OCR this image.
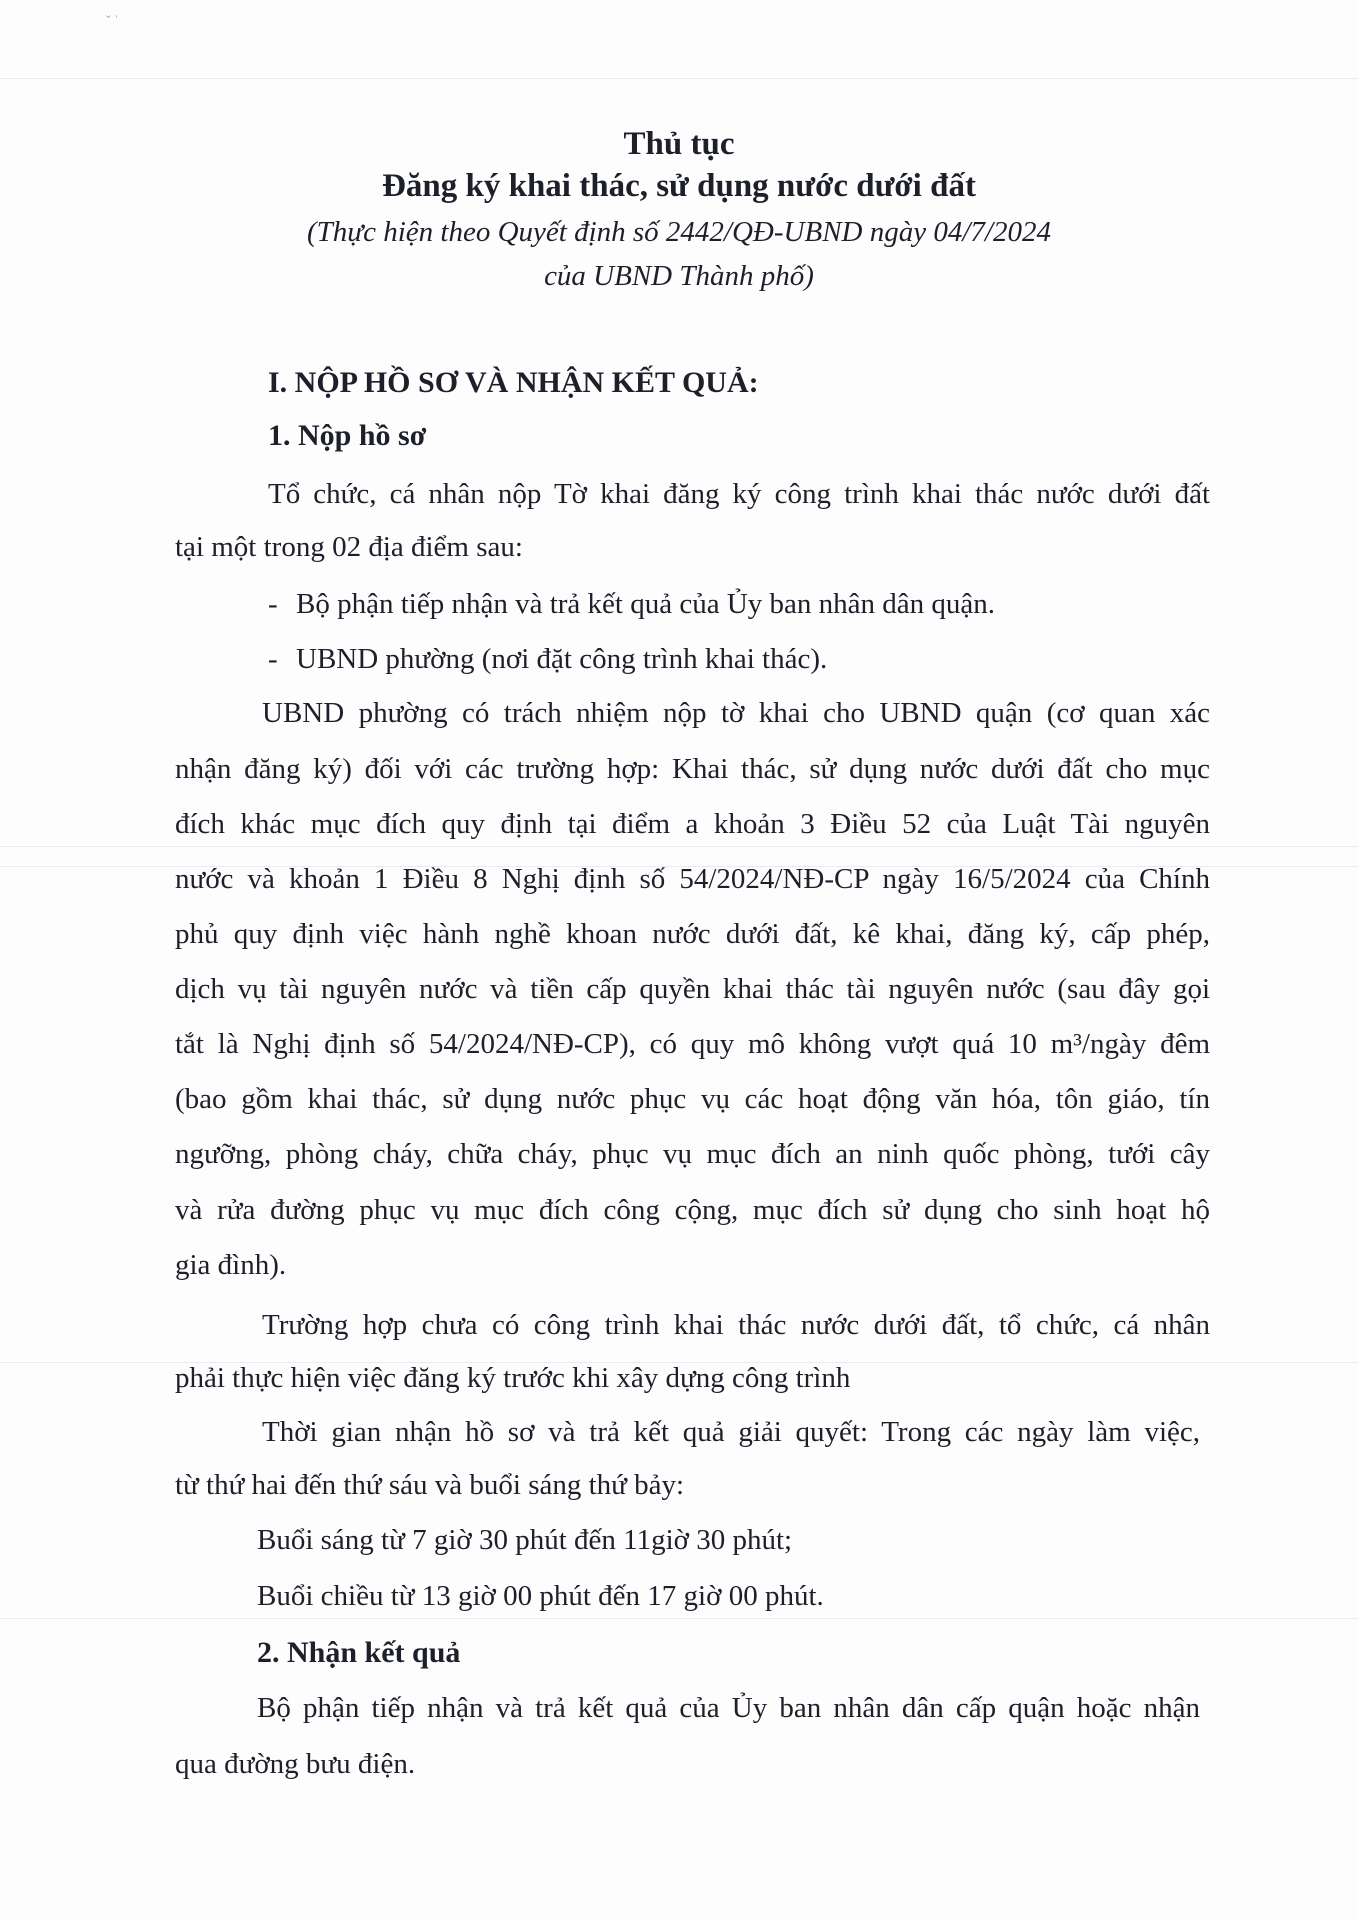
ˇ ˈ
Thủ tục
Đăng ký khai thác, sử dụng nước dưới đất
(Thực hiện theo Quyết định số 2442/QĐ-UBND ngày 04/7/2024
của UBND Thành phố)
I. NỘP HỒ SƠ VÀ NHẬN KẾT QUẢ:
1. Nộp hồ sơ
Tổ chức, cá nhân nộp Tờ khai đăng ký công trình khai thác nước dưới đất
tại một trong 02 địa điểm sau:
- Bộ phận tiếp nhận và trả kết quả của Ủy ban nhân dân quận.
- UBND phường (nơi đặt công trình khai thác).
UBND phường có trách nhiệm nộp tờ khai cho UBND quận (cơ quan xác
nhận đăng ký) đối với các trường hợp: Khai thác, sử dụng nước dưới đất cho mục
đích khác mục đích quy định tại điểm a khoản 3 Điều 52 của Luật Tài nguyên
nước và khoản 1 Điều 8 Nghị định số 54/2024/NĐ-CP ngày 16/5/2024 của Chính
phủ quy định việc hành nghề khoan nước dưới đất, kê khai, đăng ký, cấp phép,
dịch vụ tài nguyên nước và tiền cấp quyền khai thác tài nguyên nước (sau đây gọi
tắt là Nghị định số 54/2024/NĐ-CP), có quy mô không vượt quá 10 m³/ngày đêm
(bao gồm khai thác, sử dụng nước phục vụ các hoạt động văn hóa, tôn giáo, tín
ngưỡng, phòng cháy, chữa cháy, phục vụ mục đích an ninh quốc phòng, tưới cây
và rửa đường phục vụ mục đích công cộng, mục đích sử dụng cho sinh hoạt hộ
gia đình).
Trường hợp chưa có công trình khai thác nước dưới đất, tổ chức, cá nhân
phải thực hiện việc đăng ký trước khi xây dựng công trình
Thời gian nhận hồ sơ và trả kết quả giải quyết: Trong các ngày làm việc,
từ thứ hai đến thứ sáu và buổi sáng thứ bảy:
Buổi sáng từ 7 giờ 30 phút đến 11giờ 30 phút;
Buổi chiều từ 13 giờ 00 phút đến 17 giờ 00 phút.
2. Nhận kết quả
Bộ phận tiếp nhận và trả kết quả của Ủy ban nhân dân cấp quận hoặc nhận
qua đường bưu điện.
